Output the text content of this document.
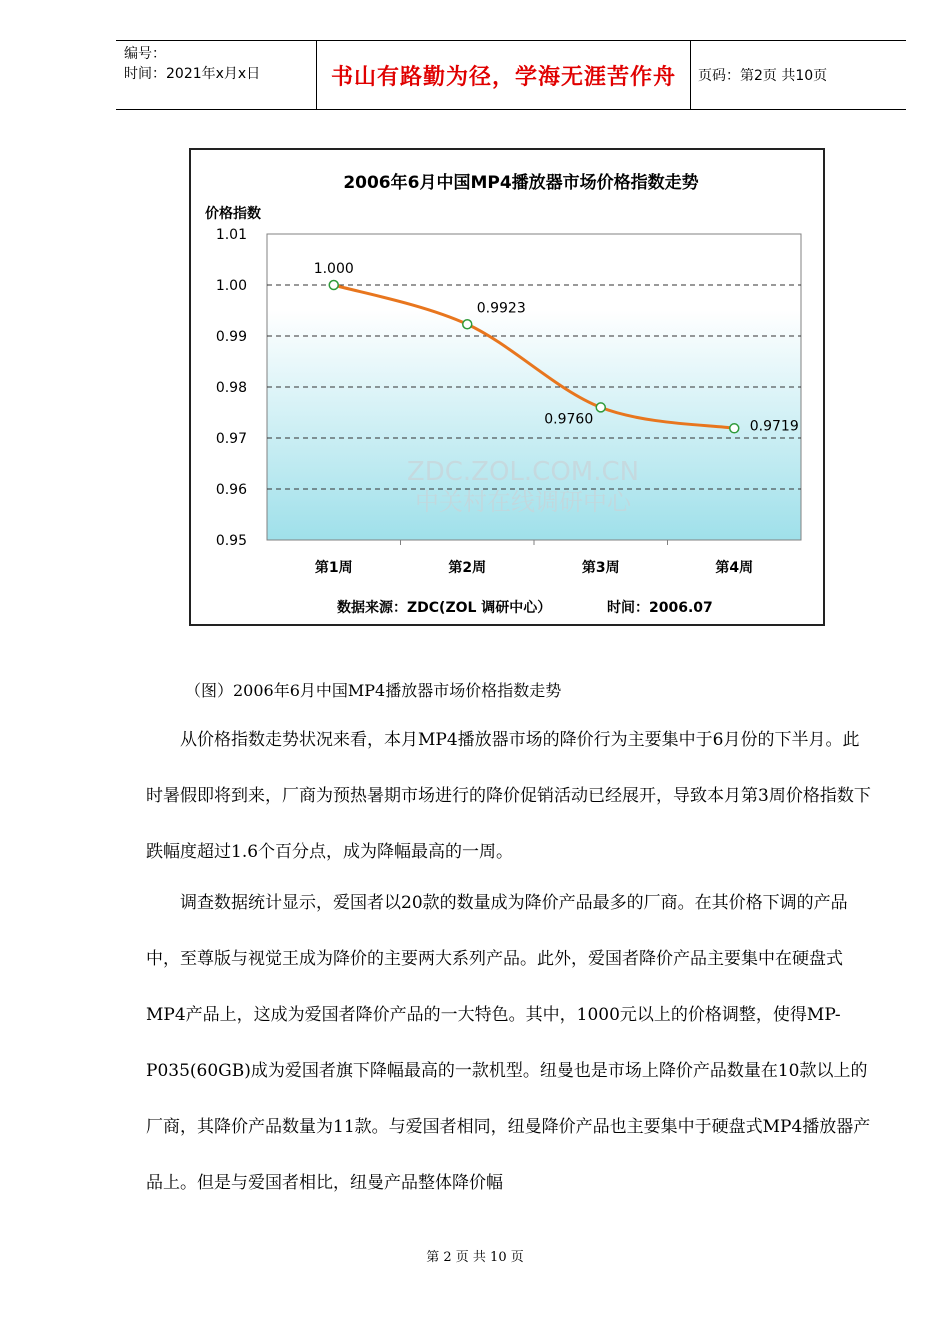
编号：
时间：2021年x月x日	书山有路勤为径，学海无涯苦作舟	页码：第2页 共10页
2006年6月中国MP4播放器市场价格指数走势
价格指数
0.95
0.96
0.97
0.98
0.99
1.00
1.01
第1周	第2周	第3周	第4周
ZDC.ZOL.COM.CN
中关村在线调研中心
1.000
0.9923
0.9760	0.9719
数据来源：ZDC(ZOL 调研中心）	时间：2006.07
（图）2006年6月中国MP4播放器市场价格指数走势

从价格指数走势状况来看，本月MP4播放器市场的降价行为主要集中于6月份的下半月。此时暑假即将到来，厂商为预热暑期市场进行的降价促销活动已经展开，导致本月第3周价格指数下跌幅度超过1.6个百分点，成为降幅最高的一周。

调查数据统计显示，爱国者以20款的数量成为降价产品最多的厂商。在其价格下调的产品中，至尊版与视觉王成为降价的主要两大系列产品。此外，爱国者降价产品主要集中在硬盘式MP4产品上，这成为爱国者降价产品的一大特色。其中，1000元以上的价格调整，使得MP-P035(60GB)成为爱国者旗下降幅最高的一款机型。纽曼也是市场上降价产品数量在10款以上的厂商，其降价产品数量为11款。与爱国者相同，纽曼降价产品也主要集中于硬盘式MP4播放器产品上。但是与爱国者相比，纽曼产品整体降价幅

第 2 页 共 10 页
